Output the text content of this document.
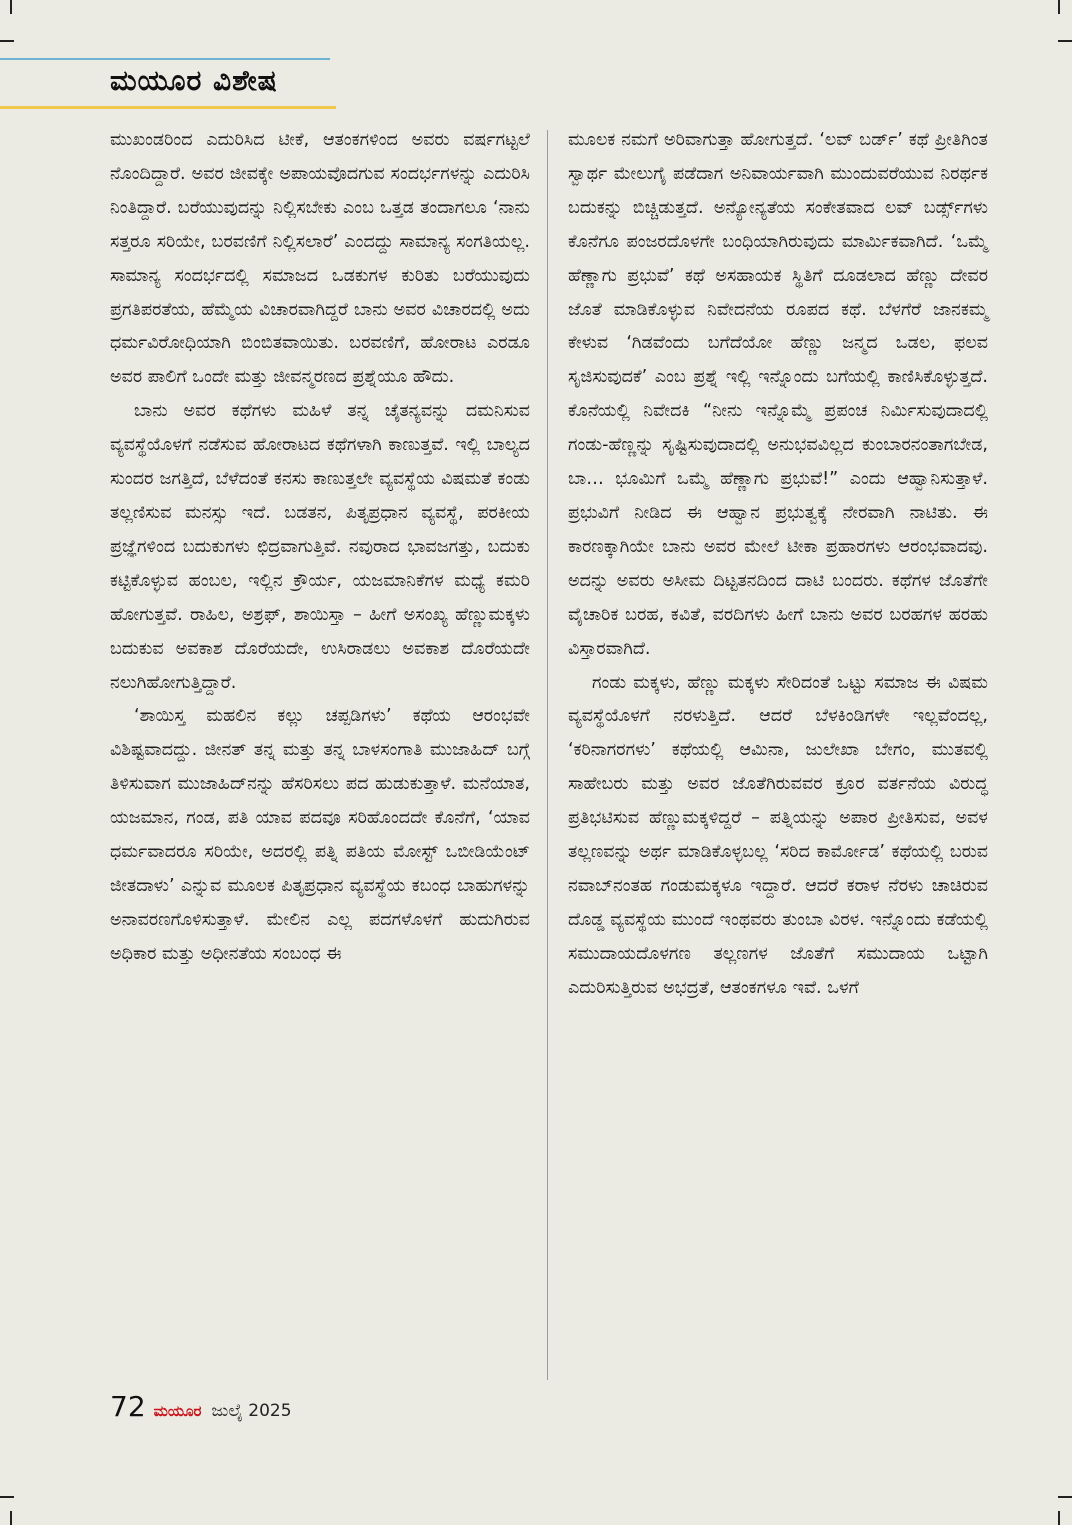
ಮಯೂರ ವಿಶೇಷ

ಮುಖಂಡರಿಂದ ಎದುರಿಸಿದ ಟೀಕೆ, ಆತಂಕಗಳಿಂದ ಅವರು ವರ್ಷಗಟ್ಟಲೆ ನೊಂದಿದ್ದಾರೆ. ಅವರ ಜೀವಕ್ಕೇ ಅಪಾಯವೊದಗುವ ಸಂದರ್ಭಗಳನ್ನು ಎದುರಿಸಿ ನಿಂತಿದ್ದಾರೆ. ಬರೆಯುವುದನ್ನು ನಿಲ್ಲಿಸಬೇಕು ಎಂಬ ಒತ್ತಡ ತಂದಾಗಲೂ ‘ನಾನು ಸತ್ತರೂ ಸರಿಯೇ, ಬರವಣಿಗೆ ನಿಲ್ಲಿಸಲಾರೆ’ ಎಂದದ್ದು ಸಾಮಾನ್ಯ ಸಂಗತಿಯಲ್ಲ. ಸಾಮಾನ್ಯ ಸಂದರ್ಭದಲ್ಲಿ ಸಮಾಜದ ಒಡಕುಗಳ ಕುರಿತು ಬರೆಯುವುದು ಪ್ರಗತಿಪರತೆಯ, ಹೆಮ್ಮೆಯ ವಿಚಾರವಾಗಿದ್ದರೆ ಬಾನು ಅವರ ವಿಚಾರದಲ್ಲಿ ಅದು ಧರ್ಮವಿರೋಧಿಯಾಗಿ ಬಿಂಬಿತವಾಯಿತು. ಬರವಣಿಗೆ, ಹೋರಾಟ ಎರಡೂ ಅವರ ಪಾಲಿಗೆ ಒಂದೇ ಮತ್ತು ಜೀವನ್ಮರಣದ ಪ್ರಶ್ನೆಯೂ ಹೌದು.

ಬಾನು ಅವರ ಕಥೆಗಳು ಮಹಿಳೆ ತನ್ನ ಚೈತನ್ಯವನ್ನು ದಮನಿಸುವ ವ್ಯವಸ್ಥೆಯೊಳಗೆ ನಡೆಸುವ ಹೋರಾಟದ ಕಥೆಗಳಾಗಿ ಕಾಣುತ್ತವೆ. ಇಲ್ಲಿ ಬಾಲ್ಯದ ಸುಂದರ ಜಗತ್ತಿದೆ, ಬೆಳೆದಂತೆ ಕನಸು ಕಾಣುತ್ತಲೇ ವ್ಯವಸ್ಥೆಯ ವಿಷಮತೆ ಕಂಡು ತಲ್ಲಣಿಸುವ ಮನಸ್ಸು ಇದೆ. ಬಡತನ, ಪಿತೃಪ್ರಧಾನ ವ್ಯವಸ್ಥೆ, ಪರಕೀಯ ಪ್ರಜ್ಞೆಗಳಿಂದ ಬದುಕುಗಳು ಛಿದ್ರವಾಗುತ್ತಿವೆ. ನವುರಾದ ಭಾವಜಗತ್ತು, ಬದುಕು ಕಟ್ಟಿಕೊಳ್ಳುವ ಹಂಬಲ, ಇಲ್ಲಿನ ಕ್ರೌರ್ಯ, ಯಜಮಾನಿಕೆಗಳ ಮಧ್ಯೆ ಕಮರಿ ಹೋಗುತ್ತವೆ. ರಾಹಿಲ, ಅಶ್ರಫ್, ಶಾಯಿಸ್ತಾ – ಹೀಗೆ ಅಸಂಖ್ಯ ಹೆಣ್ಣುಮಕ್ಕಳು ಬದುಕುವ ಅವಕಾಶ ದೊರೆಯದೇ, ಉಸಿರಾಡಲು ಅವಕಾಶ ದೊರೆಯದೇ ನಲುಗಿಹೋಗುತ್ತಿದ್ದಾರೆ.

‘ಶಾಯಿಸ್ತ ಮಹಲಿನ ಕಲ್ಲು ಚಪ್ಪಡಿಗಳು’ ಕಥೆಯ ಆರಂಭವೇ ವಿಶಿಷ್ಟವಾದದ್ದು. ಜೀನತ್ ತನ್ನ ಮತ್ತು ತನ್ನ ಬಾಳಸಂಗಾತಿ ಮುಜಾಹಿದ್ ಬಗ್ಗೆ ತಿಳಿಸುವಾಗ ಮುಜಾಹಿದ್‌ನನ್ನು ಹೆಸರಿಸಲು ಪದ ಹುಡುಕುತ್ತಾಳೆ. ಮನೆಯಾತ, ಯಜಮಾನ, ಗಂಡ, ಪತಿ ಯಾವ ಪದವೂ ಸರಿಹೊಂದದೇ ಕೊನೆಗೆ, ‘ಯಾವ ಧರ್ಮವಾದರೂ ಸರಿಯೇ, ಅದರಲ್ಲಿ ಪತ್ನಿ ಪತಿಯ ಮೋಸ್ಟ್ ಒಬೀಡಿಯೆಂಟ್ ಜೀತದಾಳು’ ಎನ್ನುವ ಮೂಲಕ ಪಿತೃಪ್ರಧಾನ ವ್ಯವಸ್ಥೆಯ ಕಬಂಧ ಬಾಹುಗಳನ್ನು ಅನಾವರಣಗೊಳಿಸುತ್ತಾಳೆ. ಮೇಲಿನ ಎಲ್ಲ ಪದಗಳೊಳಗೆ ಹುದುಗಿರುವ ಅಧಿಕಾರ ಮತ್ತು ಅಧೀನತೆಯ ಸಂಬಂಧ ಈ

ಮೂಲಕ ನಮಗೆ ಅರಿವಾಗುತ್ತಾ ಹೋಗುತ್ತದೆ. ‘ಲವ್ ಬರ್ಡ್’ ಕಥೆ ಪ್ರೀತಿಗಿಂತ ಸ್ವಾರ್ಥ ಮೇಲುಗೈ ಪಡೆದಾಗ ಅನಿವಾರ್ಯವಾಗಿ ಮುಂದುವರೆಯುವ ನಿರರ್ಥಕ ಬದುಕನ್ನು ಬಿಚ್ಚಿಡುತ್ತದೆ. ಅನ್ಯೋನ್ಯತೆಯ ಸಂಕೇತವಾದ ಲವ್ ಬರ್ಡ್ಸ್‌ಗಳು ಕೊನೆಗೂ ಪಂಜರದೊಳಗೇ ಬಂಧಿಯಾಗಿರುವುದು ಮಾರ್ಮಿಕವಾಗಿದೆ. ‘ಒಮ್ಮೆ ಹೆಣ್ಣಾಗು ಪ್ರಭುವೆ’ ಕಥೆ ಅಸಹಾಯಕ ಸ್ಥಿತಿಗೆ ದೂಡಲಾದ ಹೆಣ್ಣು ದೇವರ ಜೊತೆ ಮಾಡಿಕೊಳ್ಳುವ ನಿವೇದನೆಯ ರೂಪದ ಕಥೆ. ಬೆಳಗೆರೆ ಜಾನಕಮ್ಮ ಕೇಳುವ ‘ಗಿಡವೆಂದು ಬಗೆದೆಯೋ ಹೆಣ್ಣು ಜನ್ಮದ ಒಡಲ, ಫಲವ ಸೃಜಿಸುವುದಕೆ’ ಎಂಬ ಪ್ರಶ್ನೆ ಇಲ್ಲಿ ಇನ್ನೊಂದು ಬಗೆಯಲ್ಲಿ ಕಾಣಿಸಿಕೊಳ್ಳುತ್ತದೆ. ಕೊನೆಯಲ್ಲಿ ನಿವೇದಕಿ “ನೀನು ಇನ್ನೊಮ್ಮೆ ಪ್ರಪಂಚ ನಿರ್ಮಿಸುವುದಾದಲ್ಲಿ ಗಂಡು-ಹೆಣ್ಣನ್ನು ಸೃಷ್ಟಿಸುವುದಾದಲ್ಲಿ ಅನುಭವವಿಲ್ಲದ ಕುಂಬಾರನಂತಾಗಬೇಡ, ಬಾ… ಭೂಮಿಗೆ ಒಮ್ಮೆ ಹೆಣ್ಣಾಗು ಪ್ರಭುವೆ!” ಎಂದು ಆಹ್ವಾನಿಸುತ್ತಾಳೆ. ಪ್ರಭುವಿಗೆ ನೀಡಿದ ಈ ಆಹ್ವಾನ ಪ್ರಭುತ್ವಕ್ಕೆ ನೇರವಾಗಿ ನಾಟಿತು. ಈ ಕಾರಣಕ್ಕಾಗಿಯೇ ಬಾನು ಅವರ ಮೇಲೆ ಟೀಕಾ ಪ್ರಹಾರಗಳು ಆರಂಭವಾದವು. ಅದನ್ನು ಅವರು ಅಸೀಮ ದಿಟ್ಟತನದಿಂದ ದಾಟಿ ಬಂದರು. ಕಥೆಗಳ ಜೊತೆಗೇ ವೈಚಾರಿಕ ಬರಹ, ಕವಿತೆ, ವರದಿಗಳು ಹೀಗೆ ಬಾನು ಅವರ ಬರಹಗಳ ಹರಹು ವಿಸ್ತಾರವಾಗಿದೆ.

ಗಂಡು ಮಕ್ಕಳು, ಹೆಣ್ಣು ಮಕ್ಕಳು ಸೇರಿದಂತೆ ಒಟ್ಟು ಸಮಾಜ ಈ ವಿಷಮ ವ್ಯವಸ್ಥೆಯೊಳಗೆ ನರಳುತ್ತಿದೆ. ಆದರೆ ಬೆಳಕಿಂಡಿಗಳೇ ಇಲ್ಲವೆಂದಲ್ಲ, ‘ಕರಿನಾಗರಗಳು’ ಕಥೆಯಲ್ಲಿ ಆಮಿನಾ, ಜುಲೇಖಾ ಬೇಗಂ, ಮುತವಲ್ಲಿ ಸಾಹೇಬರು ಮತ್ತು ಅವರ ಜೊತೆಗಿರುವವರ ಕ್ರೂರ ವರ್ತನೆಯ ವಿರುದ್ಧ ಪ್ರತಿಭಟಿಸುವ ಹೆಣ್ಣುಮಕ್ಕಳಿದ್ದರೆ – ಪತ್ನಿಯನ್ನು ಅಪಾರ ಪ್ರೀತಿಸುವ, ಅವಳ ತಲ್ಲಣವನ್ನು ಅರ್ಥ ಮಾಡಿಕೊಳ್ಳಬಲ್ಲ ‘ಸರಿದ ಕಾರ್ಮೋಡ’ ಕಥೆಯಲ್ಲಿ ಬರುವ ನವಾಬ್‌ನಂತಹ ಗಂಡುಮಕ್ಕಳೂ ಇದ್ದಾರೆ. ಆದರೆ ಕರಾಳ ನೆರಳು ಚಾಚಿರುವ ದೊಡ್ಡ ವ್ಯವಸ್ಥೆಯ ಮುಂದೆ ಇಂಥವರು ತುಂಬಾ ವಿರಳ. ಇನ್ನೊಂದು ಕಡೆಯಲ್ಲಿ ಸಮುದಾಯದೊಳಗಣ ತಲ್ಲಣಗಳ ಜೊತೆಗೆ ಸಮುದಾಯ ಒಟ್ಟಾಗಿ ಎದುರಿಸುತ್ತಿರುವ ಅಭದ್ರತೆ, ಆತಂಕಗಳೂ ಇವೆ. ಒಳಗೆ

72 ಮಯೂರ ಜುಲೈ 2025
